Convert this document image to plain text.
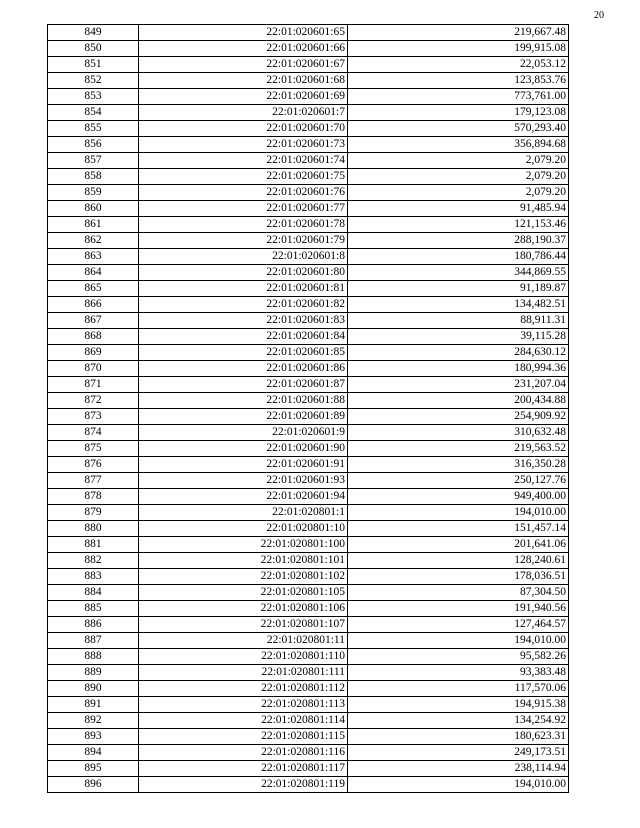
20
849	22:01:020601:65	219,667.48
850	22:01:020601:66	199,915.08
851	22:01:020601:67	22,053.12
852	22:01:020601:68	123,853.76
853	22:01:020601:69	773,761.00
854	22:01:020601:7	179,123.08
855	22:01:020601:70	570,293.40
856	22:01:020601:73	356,894.68
857	22:01:020601:74	2,079.20
858	22:01:020601:75	2,079.20
859	22:01:020601:76	2,079.20
860	22:01:020601:77	91,485.94
861	22:01:020601:78	121,153.46
862	22:01:020601:79	288,190.37
863	22:01:020601:8	180,786.44
864	22:01:020601:80	344,869.55
865	22:01:020601:81	91,189.87
866	22:01:020601:82	134,482.51
867	22:01:020601:83	88,911.31
868	22:01:020601:84	39,115.28
869	22:01:020601:85	284,630.12
870	22:01:020601:86	180,994.36
871	22:01:020601:87	231,207.04
872	22:01:020601:88	200,434.88
873	22:01:020601:89	254,909.92
874	22:01:020601:9	310,632.48
875	22:01:020601:90	219,563.52
876	22:01:020601:91	316,350.28
877	22:01:020601:93	250,127.76
878	22:01:020601:94	949,400.00
879	22:01:020801:1	194,010.00
880	22:01:020801:10	151,457.14
881	22:01:020801:100	201,641.06
882	22:01:020801:101	128,240.61
883	22:01:020801:102	178,036.51
884	22:01:020801:105	87,304.50
885	22:01:020801:106	191,940.56
886	22:01:020801:107	127,464.57
887	22:01:020801:11	194,010.00
888	22:01:020801:110	95,582.26
889	22:01:020801:111	93,383.48
890	22:01:020801:112	117,570.06
891	22:01:020801:113	194,915.38
892	22:01:020801:114	134,254.92
893	22:01:020801:115	180,623.31
894	22:01:020801:116	249,173.51
895	22:01:020801:117	238,114.94
896	22:01:020801:119	194,010.00
